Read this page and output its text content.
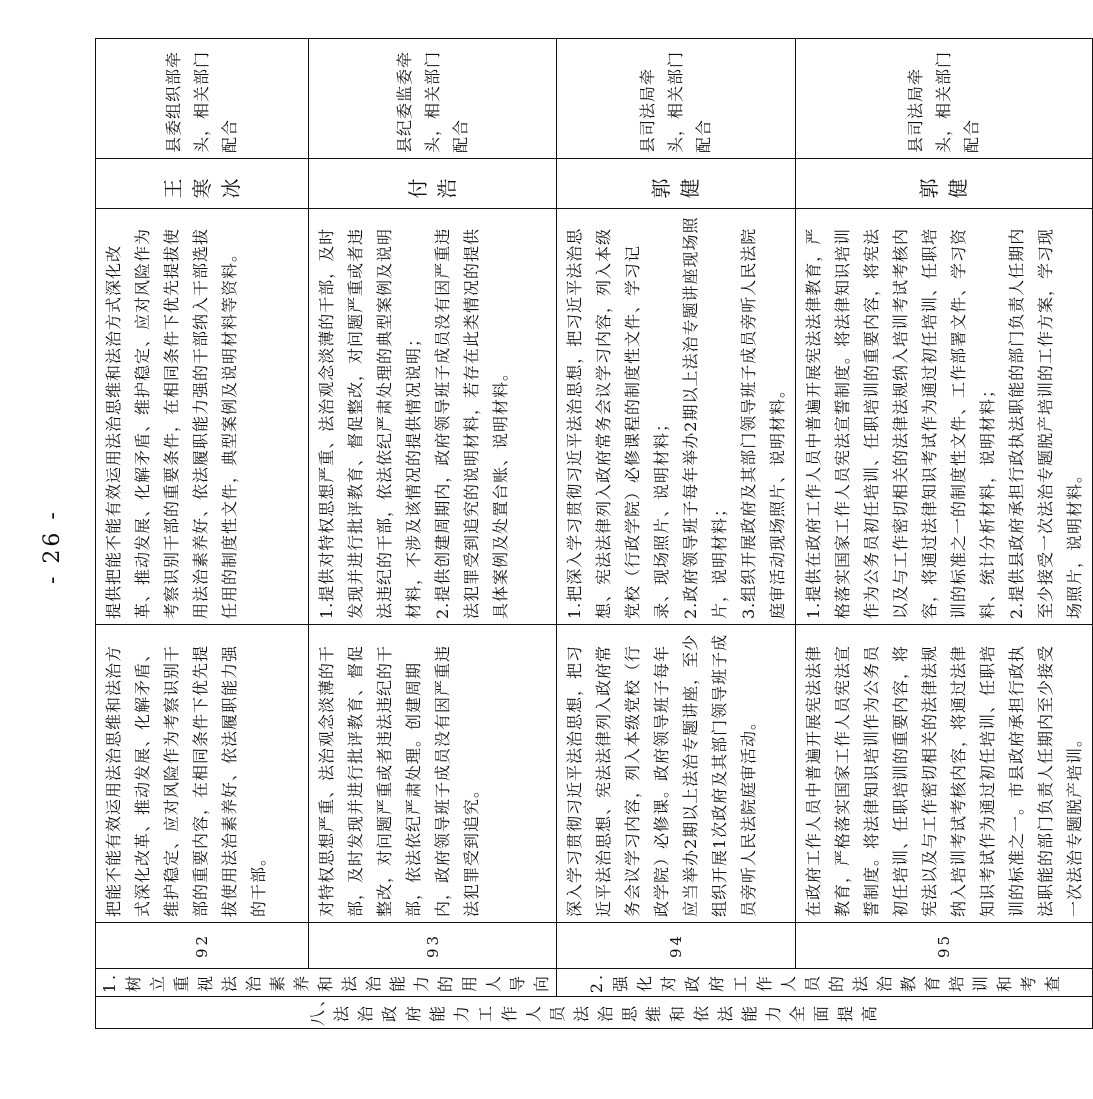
- 26 -
八、法治政府能力工作人员法治思维和依法能力全面提高	1.树立重视法治素养和法治能力的用人导向	92	把能不能有效运用法治思维和法治方式深化改革、推动发展、化解矛盾、维护稳定、应对风险作为考察识别干部的重要内容，在相同条件下优先提拔使用法治素养好、依法履职能力强的干部。	提供把能不能有效运用法治思维和法治方式深化改革、推动发展、化解矛盾、维护稳定、应对风险作为考察识别干部的重要条件，在相同条件下优先提拔使用法治素养好、依法履职能力强的干部纳入干部选拔任用的制度性文件，典型案例及说明材料等资料。	王寒冰	县委组织部牵头，相关部门配合
		93	对特权思想严重、法治观念淡薄的干部，及时发现并进行批评教育、督促整改，对问题严重或者违法违纪的干部，依法依纪严肃处理。创建周期内，政府领导班子成员没有因严重违法犯罪受到追究。	1.提供对特权思想严重、法治观念淡薄的干部，及时发现并进行批评教育、督促整改，对问题严重或者违法违纪的干部，依法依纪严肃处理的典型案例及说明材料，不涉及该情况的提供情况说明； 2.提供创建周期内，政府领导班子成员没有因严重违法犯罪受到追究的说明材料，若存在此类情况的提供具体案例及处置台账、说明材料。	付浩	县纪委监委牵头，相关部门配合
	2.强化对政府工作人员的法治教育培训和考查	94	深入学习贯彻习近平法治思想，把习近平法治思想、宪法法律列入政府常务会议学习内容，列入本级党校（行政学院）必修课。政府领导班子每年应当举办2期以上法治专题讲座，至少组织开展1次政府及其部门领导班子成员旁听人民法院庭审活动。	1.把深入学习贯彻习近平法治思想，把习近平法治思想、宪法法律列入政府常务会议学习内容，列入本级党校（行政学院）必修课程的制度性文件、学习记录、现场照片、说明材料； 2.政府领导班子每年举办2期以上法治专题讲座现场照片，说明材料； 3.组织开展政府及其部门领导班子成员旁听人民法院庭审活动现场照片、说明材料。	郭健	县司法局牵头，相关部门配合
		95	在政府工作人员中普遍开展宪法法律教育，严格落实国家工作人员宪法宣誓制度。将法律知识培训作为公务员初任培训、任职培训的重要内容，将宪法以及与工作密切相关的法律法规纳入培训考试考核内容，将通过法律知识考试作为通过初任培训、任职培训的标准之一。市县政府承担行政执法职能的部门负责人任期内至少接受一次法治专题脱产培训。	1.提供在政府工作人员中普遍开展宪法法律教育，严格落实国家工作人员宪法宣誓制度。将法律知识培训作为公务员初任培训、任职培训的重要内容，将宪法以及与工作密切相关的法律法规纳入培训考试考核内容，将通过法律知识考试作为通过初任培训、任职培训的标准之一的制度性文件、工作部署文件、学习资料、统计分析材料，说明材料； 2.提供县政府承担行政执法职能的部门负责人任期内至少接受一次法治专题脱产培训的工作方案，学习现场照片，说明材料。	郭健	县司法局牵头，相关部门配合
